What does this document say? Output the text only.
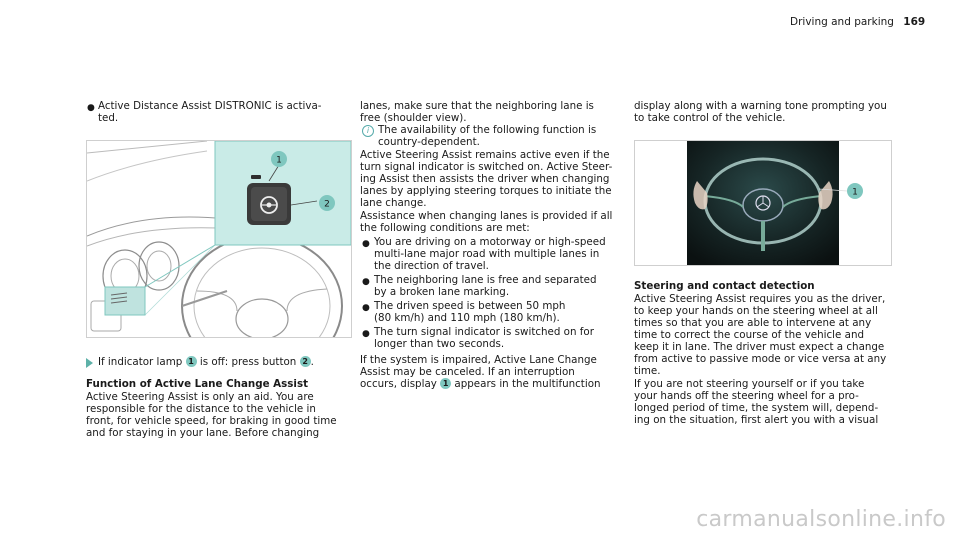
Driving and parking 169
● Active Distance Assist DISTRONIC is activa-
ted.
1
2
If indicator lamp 1 is off: press button 2 .
Function of Active Lane Change Assist
Active Steering Assist is only an aid. You are
responsible for the distance to the vehicle in
front, for vehicle speed, for braking in good time
and for staying in your lane. Before changing
lanes, make sure that the neighboring lane is
free (shoulder view).
i The availability of the following function is
country-dependent.
Active Steering Assist remains active even if the
turn signal indicator is switched on. Active Steer-
ing Assist then assists the driver when changing
lanes by applying steering torques to initiate the
lane change.
Assistance when changing lanes is provided if all
the following conditions are met:
● You are driving on a motorway or high-speed
multi-lane major road with multiple lanes in
the direction of travel.
● The neighboring lane is free and separated
by a broken lane marking.
● The driven speed is between 50 mph
(80 km/h) and 110 mph (180 km/h).
● The turn signal indicator is switched on for
longer than two seconds.
If the system is impaired, Active Lane Change
Assist may be canceled. If an interruption
occurs, display 1 appears in the multifunction
display along with a warning tone prompting you
to take control of the vehicle.
1
Steering and contact detection
Active Steering Assist requires you as the driver,
to keep your hands on the steering wheel at all
times so that you are able to intervene at any
time to correct the course of the vehicle and
keep it in lane. The driver must expect a change
from active to passive mode or vice versa at any
time.
If you are not steering yourself or if you take
your hands off the steering wheel for a pro-
longed period of time, the system will, depend-
ing on the situation, first alert you with a visual
carmanualsonline.info
